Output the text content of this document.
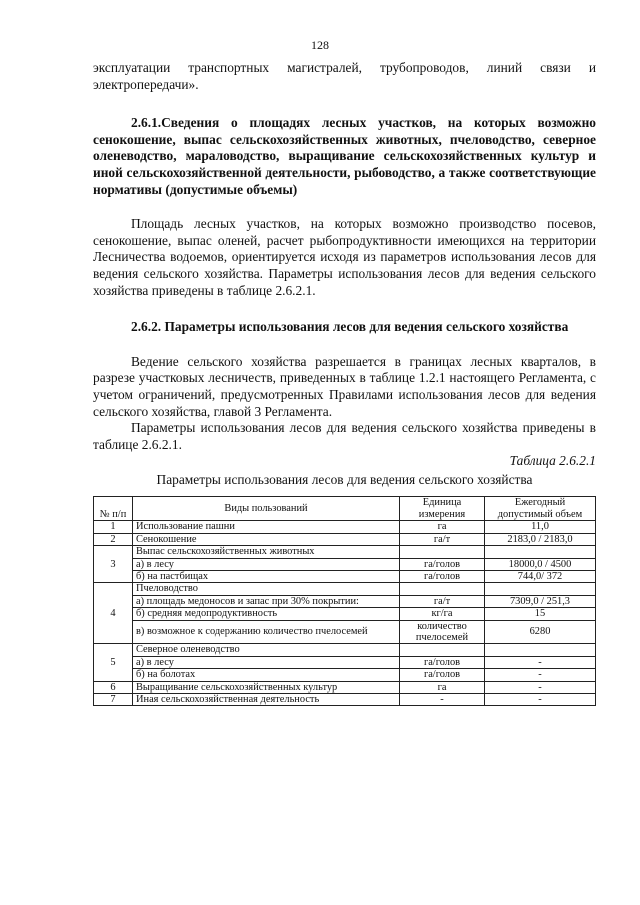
128

эксплуатации транспортных магистралей, трубопроводов, линий связи и электропередачи».

2.6.1.Сведения о площадях лесных участков, на которых возможно сенокошение, выпас сельскохозяйственных животных, пчеловодство, северное оленеводство, мараловодство, выращивание сельскохозяйственных культур и иной сельскохозяйственной деятельности, рыбоводство, а также соответствующие нормативы (допустимые объемы)

Площадь лесных участков, на которых возможно производство посевов, сенокошение, выпас оленей, расчет рыбопродуктивности имеющихся на территории Лесничества водоемов, ориентируется исходя из параметров использования лесов для ведения сельского хозяйства. Параметры использования лесов для ведения сельского хозяйства приведены в таблице 2.6.2.1.

2.6.2. Параметры использования лесов для ведения сельского хозяйства

Ведение сельского хозяйства разрешается в границах лесных кварталов, в разрезе участковых лесничеств, приведенных в таблице 1.2.1 настоящего Регламента, с учетом ограничений, предусмотренных Правилами использования лесов для ведения сельского хозяйства, главой 3 Регламента.

Параметры использования лесов для ведения сельского хозяйства приведены в таблице 2.6.2.1.

Таблица 2.6.2.1

Параметры использования лесов для ведения сельского хозяйства

№ п/п	Виды пользований	Единица измерения	Ежегодный допустимый объем
1	Использование пашни	га	11,0
2	Сенокошение	га/т	2183,0 / 2183,0
3	Выпас сельскохозяйственных животных		
	а) в лесу	га/голов	18000,0 / 4500
	б) на пастбищах	га/голов	744,0/ 372
4	Пчеловодство		
	а) площадь медоносов и запас при 30% покрытии:	га/т	7309,0 / 251,3
	б) средняя медопродуктивность	кг/га	15
	в) возможное к содержанию количество пчелосемей	количество пчелосемей	6280
5	Северное оленеводство		
	а) в лесу	га/голов	-
	б) на болотах	га/голов	-
6	Выращивание сельскохозяйственных культур	га	-
7	Иная сельскохозяйственная деятельность	-	-
